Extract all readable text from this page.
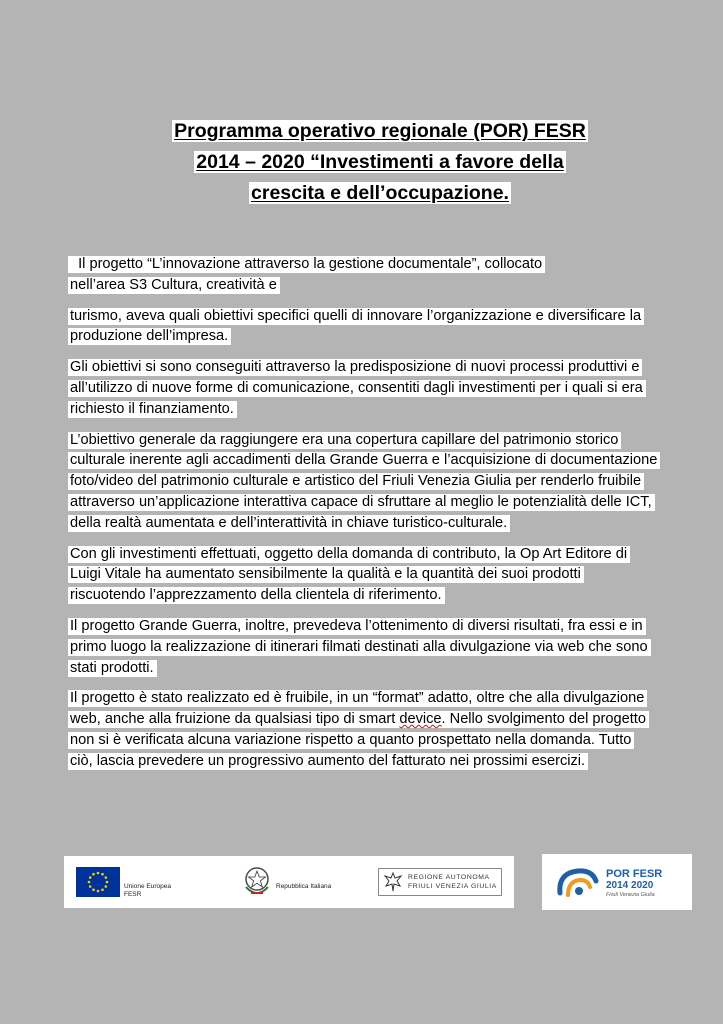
Programma operativo regionale (POR) FESR
2014 – 2020 “Investimenti a favore della
crescita e dell’occupazione.

Il progetto “L’innovazione attraverso la gestione documentale”, collocato
nell’area S3 Cultura, creatività e

turismo, aveva quali obiettivi specifici quelli di innovare l’organizzazione e diversificare la produzione dell’impresa.

Gli obiettivi si sono conseguiti attraverso la predisposizione di nuovi processi produttivi e all’utilizzo di nuove forme di comunicazione, consentiti dagli investimenti per i quali si era richiesto il finanziamento.

L’obiettivo generale da raggiungere era una copertura capillare del patrimonio storico culturale inerente agli accadimenti della Grande Guerra e l’acquisizione di documentazione foto/video del patrimonio culturale e artistico del Friuli Venezia Giulia per renderlo fruibile attraverso un’applicazione interattiva capace di sfruttare al meglio le potenzialità delle ICT, della realtà aumentata e dell’interattività in chiave turistico-culturale.

Con gli investimenti effettuati, oggetto della domanda di contributo, la Op Art Editore di Luigi Vitale ha aumentato sensibilmente la qualità e la quantità dei suoi prodotti riscuotendo l’apprezzamento della clientela di riferimento.

Il progetto Grande Guerra, inoltre, prevedeva l’ottenimento di diversi risultati, fra essi e in primo luogo la realizzazione di itinerari filmati destinati alla divulgazione via web che sono stati prodotti.

Il progetto è stato realizzato ed è fruibile, in un “format” adatto, oltre che alla divulgazione web, anche alla fruizione da qualsiasi tipo di smart device. Nello svolgimento del progetto non si è verificata alcuna variazione rispetto a quanto prospettato nella domanda. Tutto ciò, lascia prevedere un progressivo aumento del fatturato nei prossimi esercizi.

Unione Europea
FESR
Repubblica Italiana
REGIONE AUTONOMA
FRIULI VENEZIA GIULIA
POR FESR
2014 2020
Friuli Venezia Giulia
